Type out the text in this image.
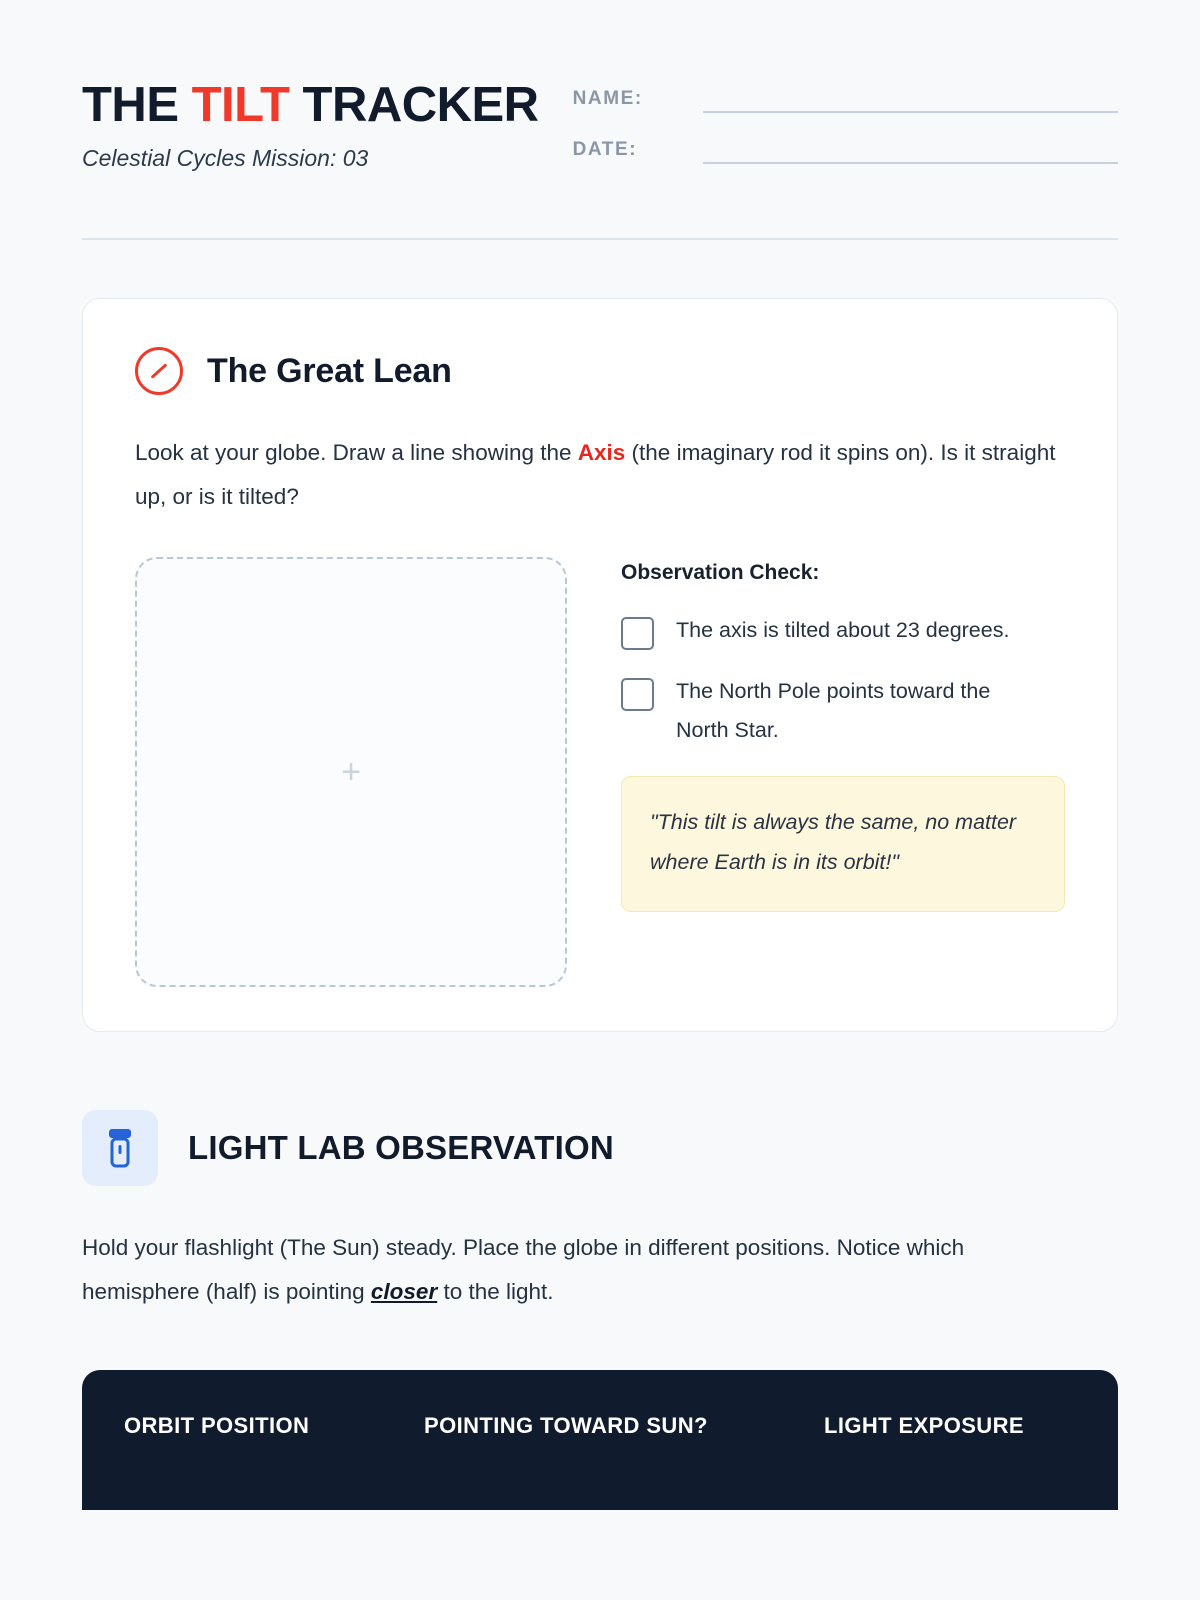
THE TILT TRACKER
Celestial Cycles Mission: 03
NAME:
DATE:
The Great Lean
Look at your globe. Draw a line showing the Axis (the imaginary rod it spins on). Is it straight up, or is it tilted?
+
Observation Check:
The axis is tilted about 23 degrees.
The North Pole points toward the North Star.
"This tilt is always the same, no matter where Earth is in its orbit!"
LIGHT LAB OBSERVATION
Hold your flashlight (The Sun) steady. Place the globe in different positions. Notice which hemisphere (half) is pointing closer to the light.
ORBIT POSITION	POINTING TOWARD SUN?	LIGHT EXPOSURE
